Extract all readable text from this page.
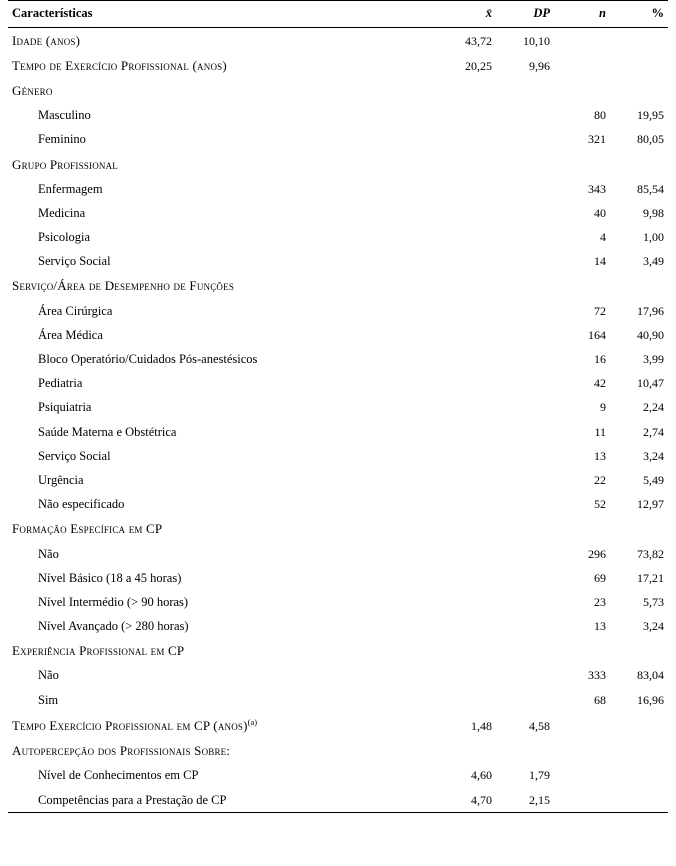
Características	x̄	DP	n	%
Idade (anos)	43,72	10,10		
Tempo de Exercício Profissional (anos)	20,25	9,96		
Género				
Masculino			80	19,95
Feminino			321	80,05
Grupo Profissional				
Enfermagem			343	85,54
Medicina			40	9,98
Psicologia			4	1,00
Serviço Social			14	3,49
Serviço/Área de Desempenho de Funções				
Área Cirúrgica			72	17,96
Área Médica			164	40,90
Bloco Operatório/Cuidados Pós-anestésicos			16	3,99
Pediatria			42	10,47
Psiquiatria			9	2,24
Saúde Materna e Obstétrica			11	2,74
Serviço Social			13	3,24
Urgência			22	5,49
Não especificado			52	12,97
Formação Específica em CP				
Não			296	73,82
Nível Básico (18 a 45 horas)			69	17,21
Nível Intermédio (> 90 horas)			23	5,73
Nível Avançado (> 280 horas)			13	3,24
Experiência Profissional em CP				
Não			333	83,04
Sim			68	16,96
Tempo Exercício Profissional em CP (anos)$^{(a)}$	1,48	4,58		
Autopercepção dos Profissionais Sobre:				
Nível de Conhecimentos em CP	4,60	1,79		
Competências para a Prestação de CP	4,70	2,15		
